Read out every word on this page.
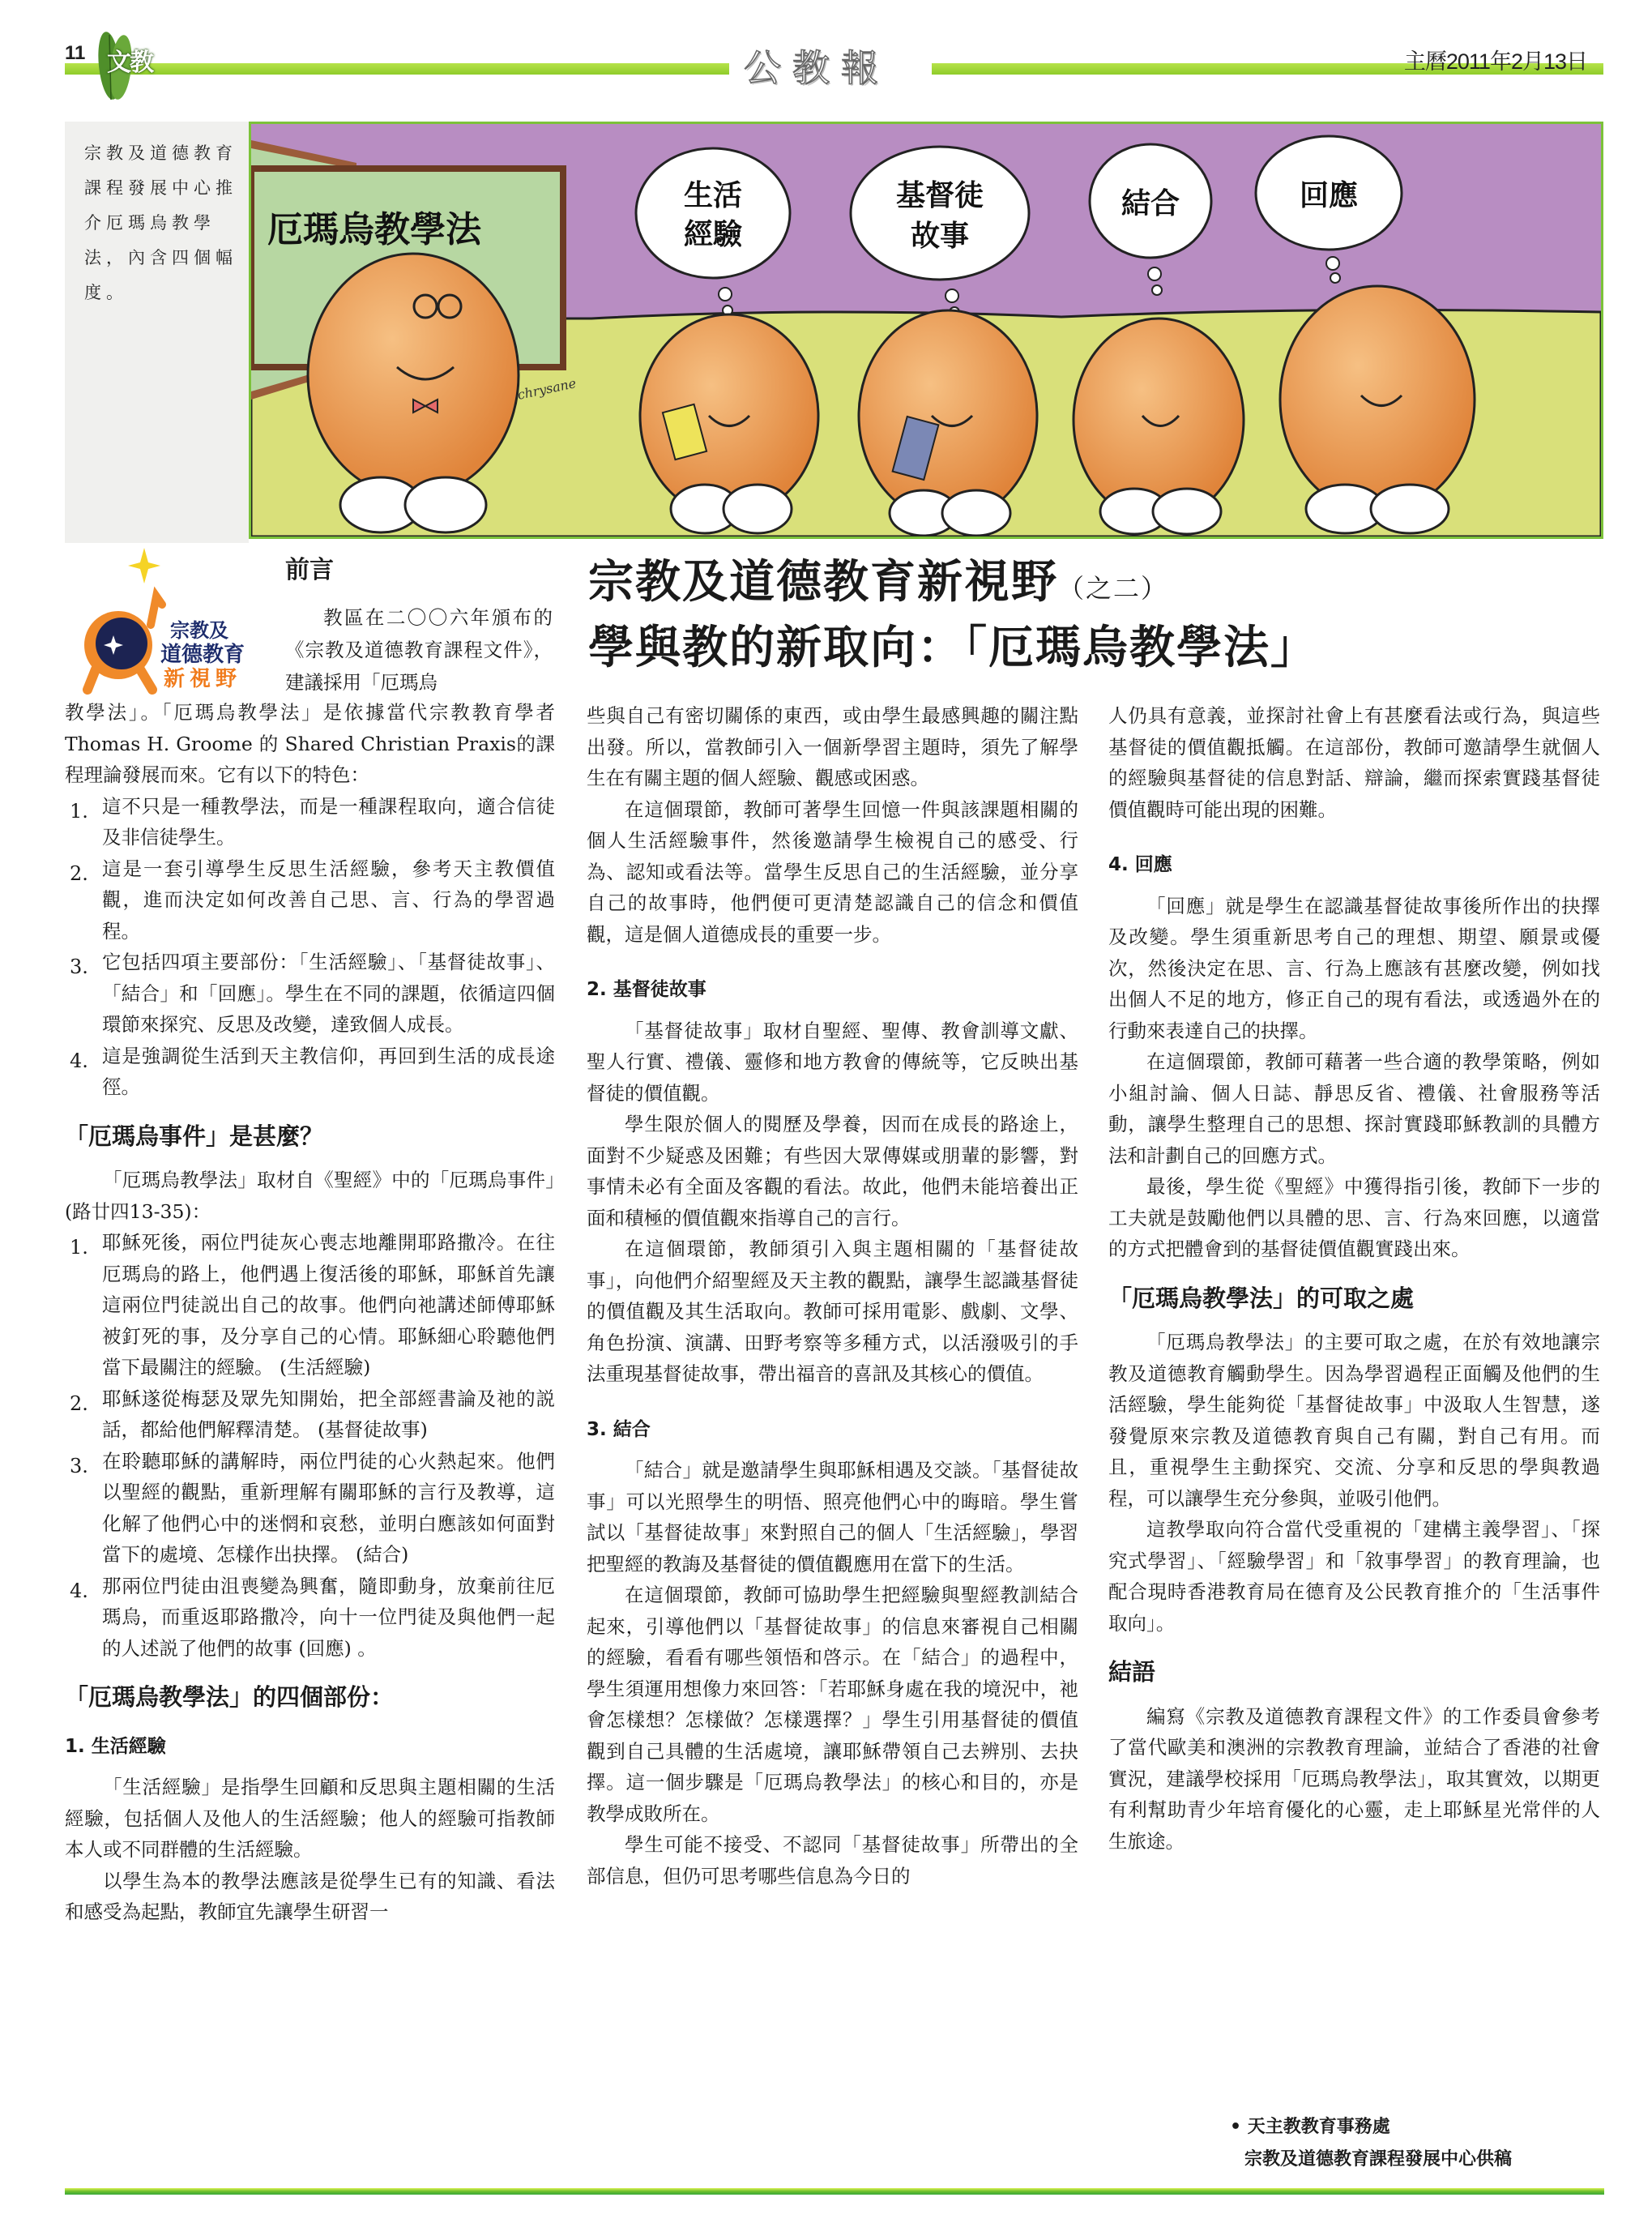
11 文教	公教報	主曆2011年2月13日
宗教及道德教育課程發展中心推介厄瑪烏教學法，內含四個幅度。
厄瑪烏教學法
生活
經驗
基督徒
故事
結合	回應
chrysane
宗教及
道德教育
新視野
宗教及道德教育新視野（之二）
學與教的新取向：「厄瑪烏教學法」
前言

教區在二〇〇六年頒布的《宗教及道德教育課程文件》，建議採用「厄瑪烏

教學法」。「厄瑪烏教學法」是依據當代宗教教育學者Thomas H. Groome 的 Shared Christian Praxis的課程理論發展而來。它有以下的特色：

1. 這不只是一種教學法，而是一種課程取向，適合信徒及非信徒學生。
2. 這是一套引導學生反思生活經驗，參考天主教價值觀，進而決定如何改善自己思、言、行為的學習過程。
3. 它包括四項主要部份：「生活經驗」、「基督徒故事」、「結合」和「回應」。學生在不同的課題，依循這四個環節來探究、反思及改變，達致個人成長。
4. 這是強調從生活到天主教信仰，再回到生活的成長途徑。
「厄瑪烏事件」是甚麼？

「厄瑪烏教學法」取材自《聖經》中的「厄瑪烏事件」(路廿四13-35)：

1. 耶穌死後，兩位門徒灰心喪志地離開耶路撒冷。在往厄瑪烏的路上，他們遇上復活後的耶穌，耶穌首先讓這兩位門徒説出自己的故事。他們向祂講述師傅耶穌被釘死的事，及分享自己的心情。耶穌細心聆聽他們當下最關注的經驗。 (生活經驗)
2. 耶穌遂從梅瑟及眾先知開始，把全部經書論及祂的説話，都給他們解釋清楚。 (基督徒故事)
3. 在聆聽耶穌的講解時，兩位門徒的心火熱起來。他們以聖經的觀點，重新理解有關耶穌的言行及教導，這化解了他們心中的迷惘和哀愁，並明白應該如何面對當下的處境、怎樣作出抉擇。 (結合)
4. 那兩位門徒由沮喪變為興奮，隨即動身，放棄前往厄瑪烏，而重返耶路撒冷，向十一位門徒及與他們一起的人述説了他們的故事 (回應) 。
「厄瑪烏教學法」的四個部份：
1. 生活經驗

「生活經驗」是指學生回顧和反思與主題相關的生活經驗，包括個人及他人的生活經驗；他人的經驗可指教師本人或不同群體的生活經驗。

以學生為本的教學法應該是從學生已有的知識、看法和感受為起點，教師宜先讓學生研習一

些與自己有密切關係的東西，或由學生最感興趣的關注點出發。所以，當教師引入一個新學習主題時，須先了解學生在有關主題的個人經驗、觀感或困惑。

在這個環節，教師可著學生回憶一件與該課題相關的個人生活經驗事件，然後邀請學生檢視自己的感受、行為、認知或看法等。當學生反思自己的生活經驗，並分享自己的故事時，他們便可更清楚認識自己的信念和價值觀，這是個人道德成長的重要一步。

2. 基督徒故事

「基督徒故事」取材自聖經、聖傳、教會訓導文獻、聖人行實、禮儀、靈修和地方教會的傳統等，它反映出基督徒的價值觀。

學生限於個人的閱歷及學養，因而在成長的路途上，面對不少疑惑及困難；有些因大眾傳媒或朋輩的影響，對事情未必有全面及客觀的看法。故此，他們未能培養出正面和積極的價值觀來指導自己的言行。

在這個環節，教師須引入與主題相關的「基督徒故事」，向他們介紹聖經及天主教的觀點，讓學生認識基督徒的價值觀及其生活取向。教師可採用電影、戲劇、文學、角色扮演、演講、田野考察等多種方式，以活潑吸引的手法重現基督徒故事，帶出福音的喜訊及其核心的價值。

3. 結合

「結合」就是邀請學生與耶穌相遇及交談。「基督徒故事」可以光照學生的明悟、照亮他們心中的晦暗。學生嘗試以「基督徒故事」來對照自己的個人「生活經驗」，學習把聖經的教誨及基督徒的價值觀應用在當下的生活。

在這個環節，教師可協助學生把經驗與聖經教訓結合起來，引導他們以「基督徒故事」的信息來審視自己相關的經驗，看看有哪些領悟和啓示。在「結合」的過程中，學生須運用想像力來回答：「若耶穌身處在我的境況中，祂會怎樣想？怎樣做？怎樣選擇？」學生引用基督徒的價值觀到自己具體的生活處境，讓耶穌帶領自己去辨別、去抉擇。這一個步驟是「厄瑪烏教學法」的核心和目的，亦是教學成敗所在。

學生可能不接受、不認同「基督徒故事」所帶出的全部信息，但仍可思考哪些信息為今日的

人仍具有意義，並探討社會上有甚麼看法或行為，與這些基督徒的價值觀抵觸。在這部份，教師可邀請學生就個人的經驗與基督徒的信息對話、辯論，繼而探索實踐基督徒價值觀時可能出現的困難。

4. 回應

「回應」就是學生在認識基督徒故事後所作出的抉擇及改變。學生須重新思考自己的理想、期望、願景或優次，然後決定在思、言、行為上應該有甚麼改變，例如找出個人不足的地方，修正自己的現有看法，或透過外在的行動來表達自己的抉擇。

在這個環節，教師可藉著一些合適的教學策略，例如小組討論、個人日誌、靜思反省、禮儀、社會服務等活動，讓學生整理自己的思想、探討實踐耶穌教訓的具體方法和計劃自己的回應方式。

最後，學生從《聖經》中獲得指引後，教師下一步的工夫就是鼓勵他們以具體的思、言、行為來回應，以適當的方式把體會到的基督徒價值觀實踐出來。

「厄瑪烏教學法」的可取之處

「厄瑪烏教學法」的主要可取之處，在於有效地讓宗教及道德教育觸動學生。因為學習過程正面觸及他們的生活經驗，學生能夠從「基督徒故事」中汲取人生智慧，遂發覺原來宗教及道德教育與自己有關，對自己有用。而且，重視學生主動探究、交流、分享和反思的學與教過程，可以讓學生充分參與，並吸引他們。

這教學取向符合當代受重視的「建構主義學習」、「探究式學習」、「經驗學習」和「敘事學習」的教育理論，也配合現時香港教育局在德育及公民教育推介的「生活事件取向」。

結語

編寫《宗教及道德教育課程文件》的工作委員會參考了當代歐美和澳洲的宗教教育理論，並結合了香港的社會實況，建議學校採用「厄瑪烏教學法」，取其實效，以期更有利幫助青少年培育優化的心靈，走上耶穌星光常伴的人生旅途。

• 天主教教育事務處
宗教及道德教育課程發展中心供稿
